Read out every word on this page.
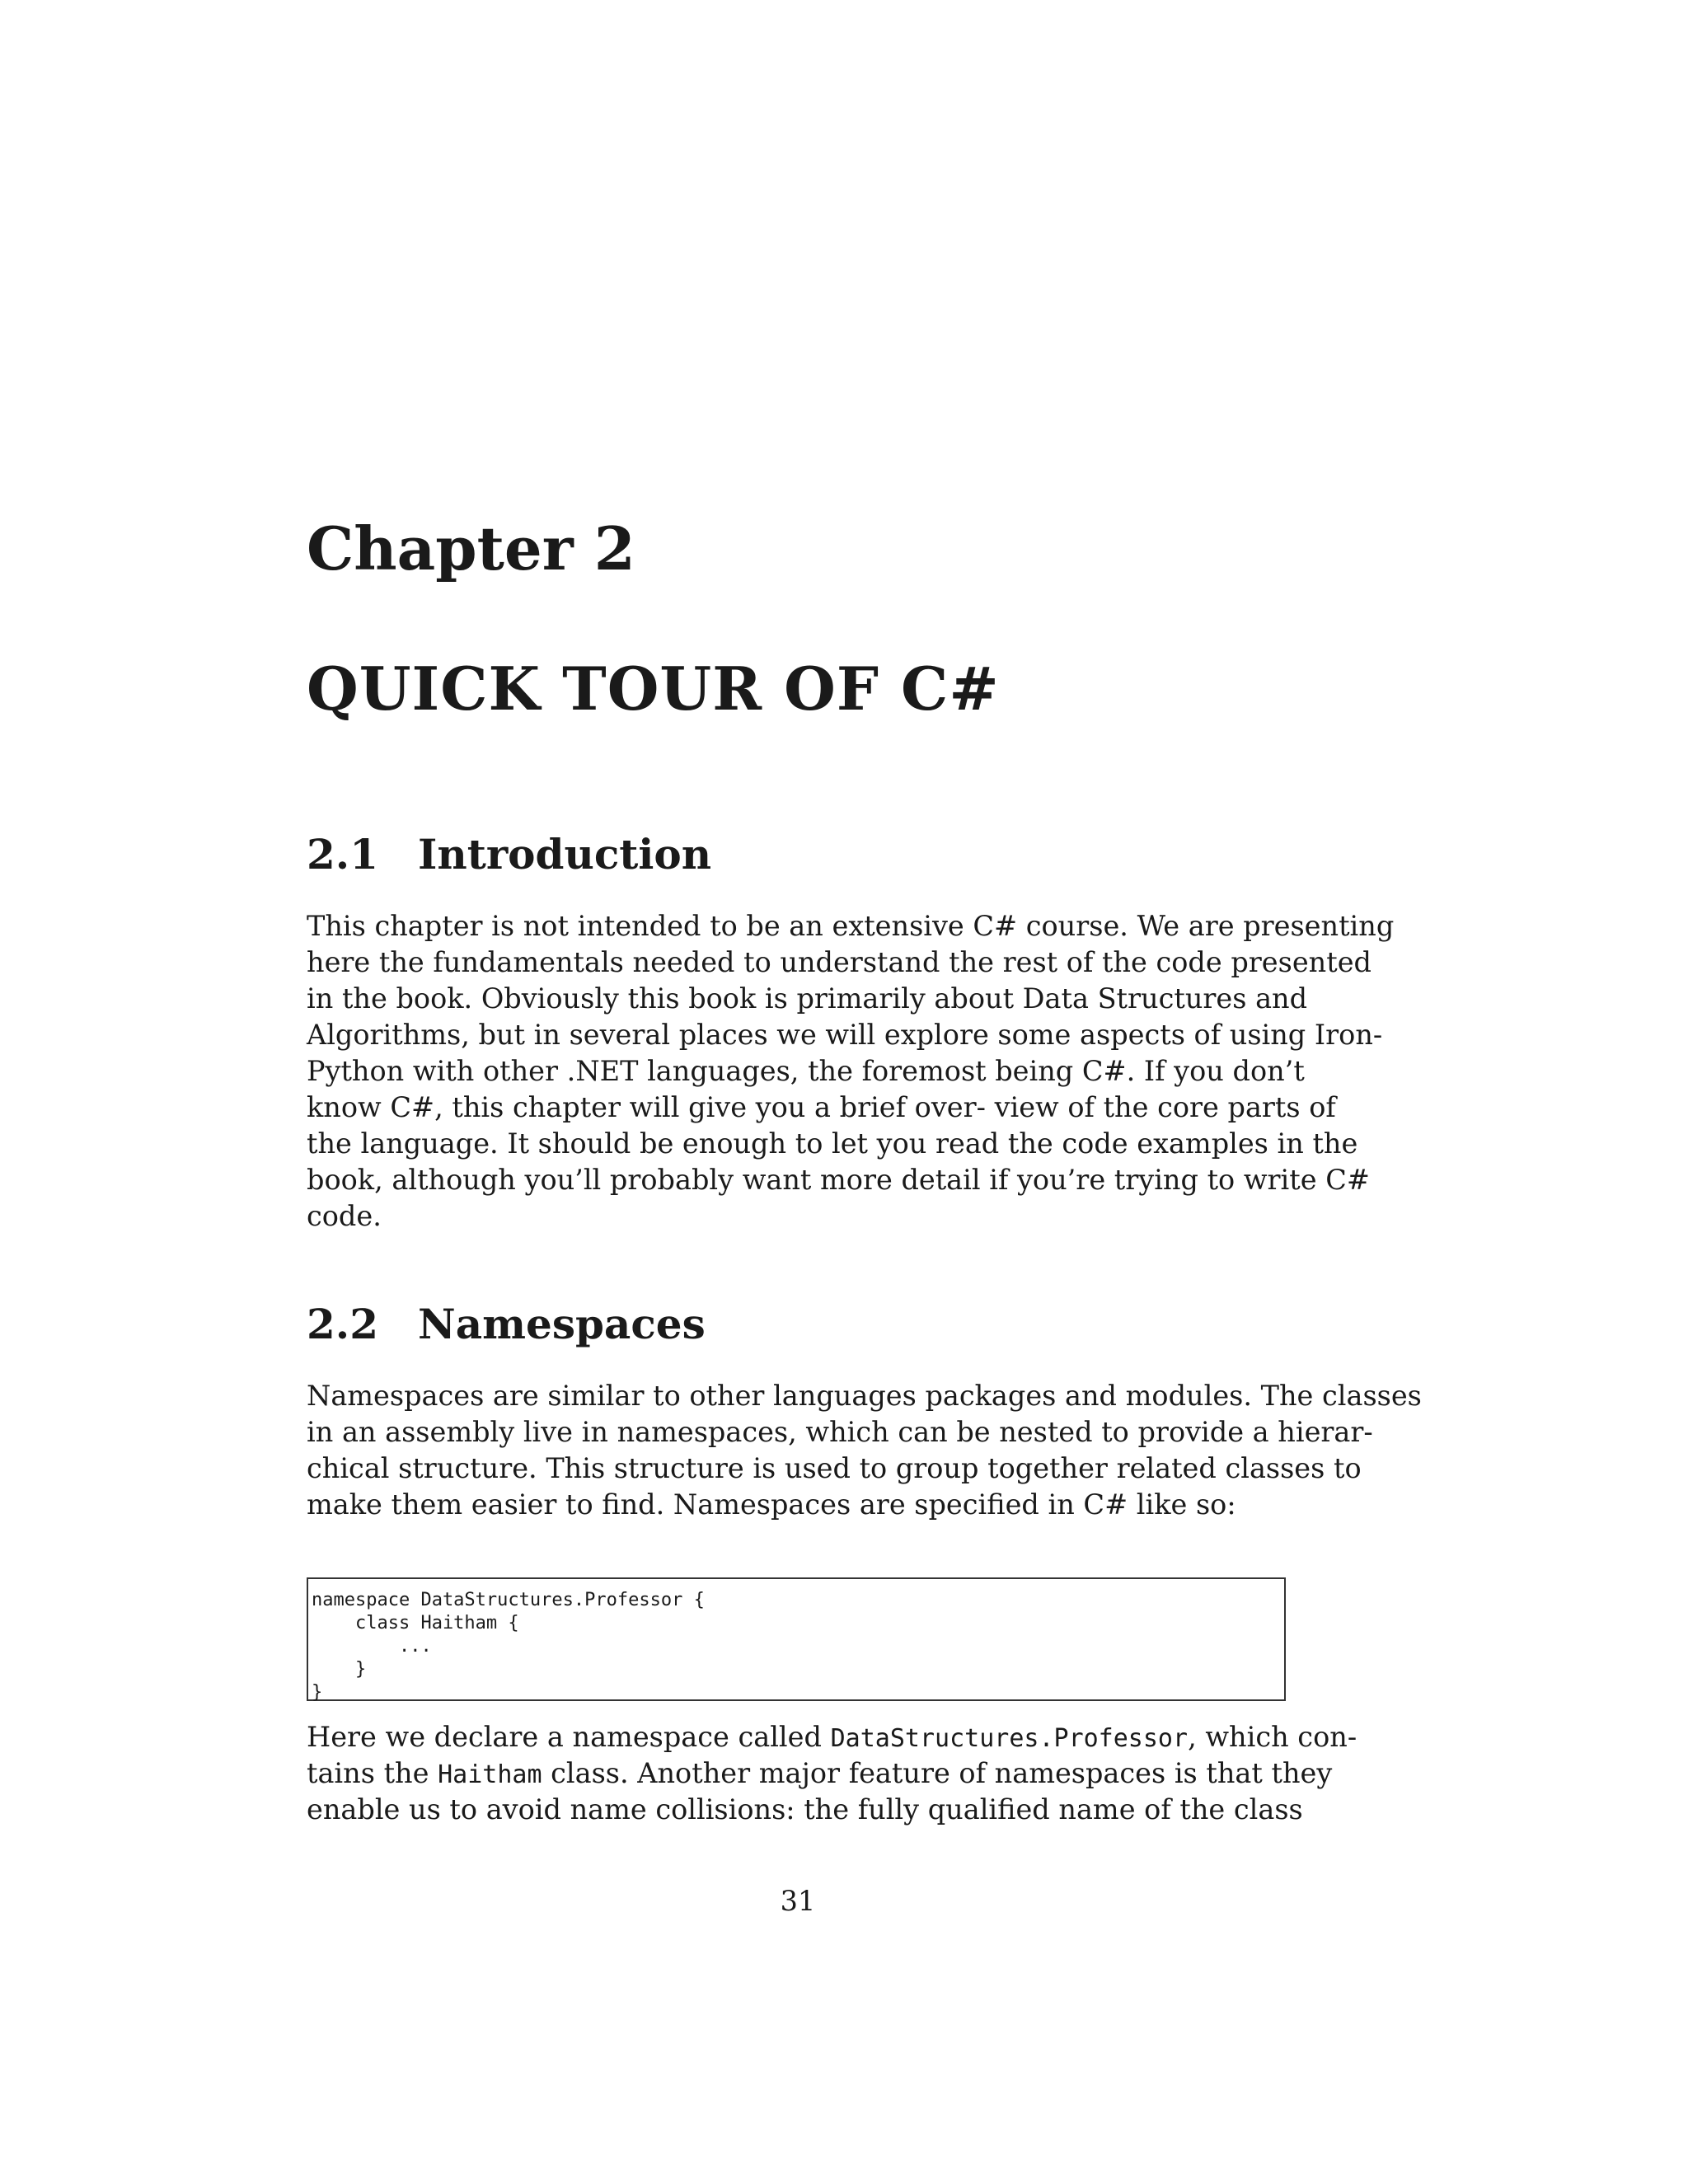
Chapter 2
QUICK TOUR OF C#
2.1 Introduction
This chapter is not intended to be an extensive C# course. We are presenting
here the fundamentals needed to understand the rest of the code presented
in the book. Obviously this book is primarily about Data Structures and
Algorithms, but in several places we will explore some aspects of using Iron-
Python with other .NET languages, the foremost being C#. If you don’t
know C#, this chapter will give you a brief over- view of the core parts of
the language. It should be enough to let you read the code examples in the
book, although you’ll probably want more detail if you’re trying to write C#
code.
2.2 Namespaces
Namespaces are similar to other languages packages and modules. The classes
in an assembly live in namespaces, which can be nested to provide a hierar-
chical structure. This structure is used to group together related classes to
make them easier to find. Namespaces are specified in C# like so:
namespace DataStructures.Professor {
class Haitham {
...
}
}
Here we declare a namespace called DataStructures.Professor, which con-
tains the Haitham class. Another major feature of namespaces is that they
enable us to avoid name collisions: the fully qualified name of the class
31
